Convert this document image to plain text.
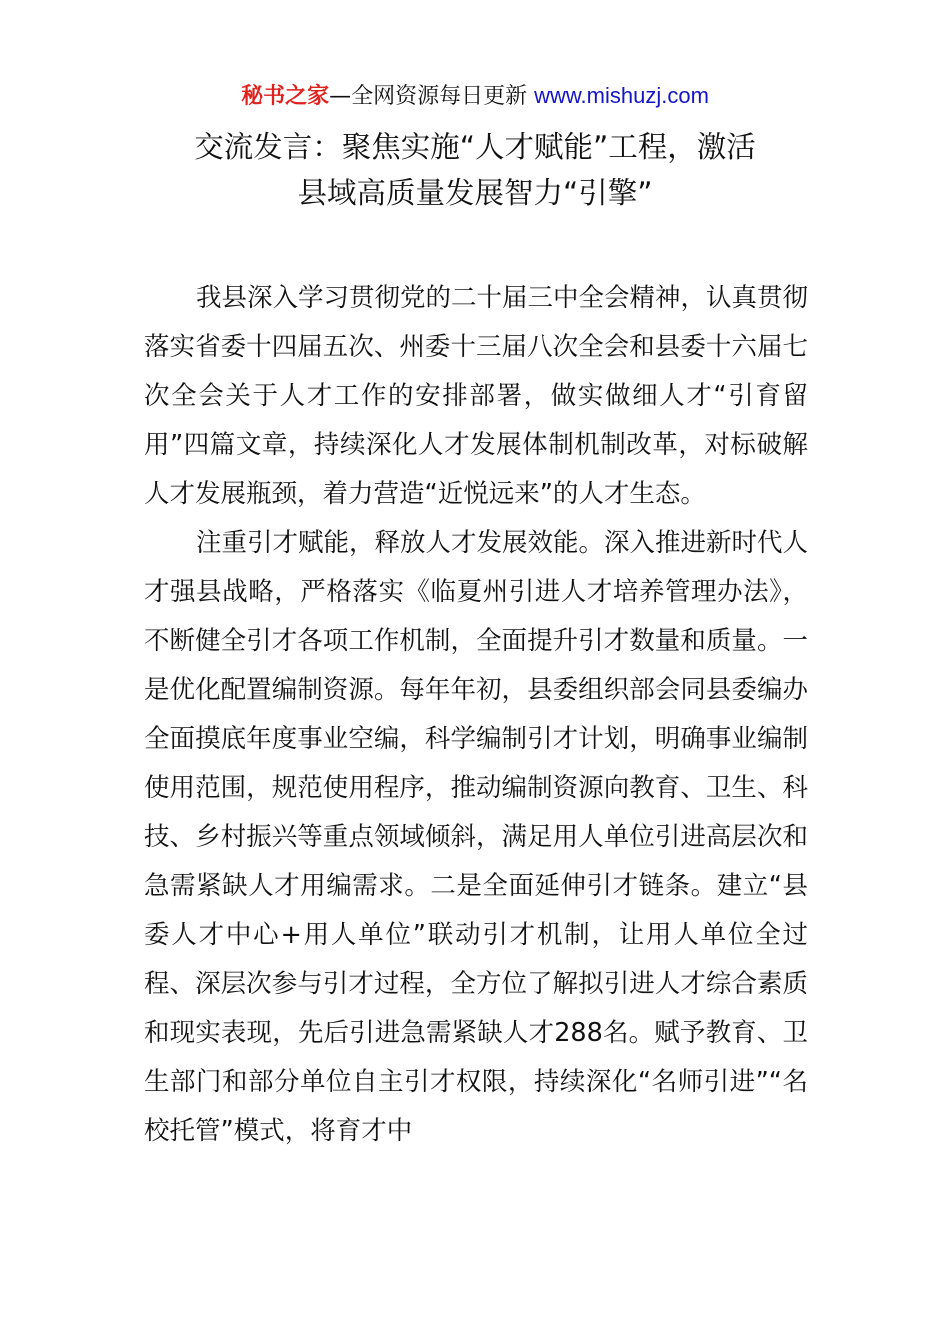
秘书之家—全网资源每日更新 www.mishuzj.com
交流发言：聚焦实施“人才赋能”工程，激活
县域高质量发展智力“引擎”

我县深入学习贯彻党的二十届三中全会精神，认真贯彻落实省委十四届五次、州委十三届八次全会和县委十六届七次全会关于人才工作的安排部署，做实做细人才“引育留用”四篇文章，持续深化人才发展体制机制改革，对标破解人才发展瓶颈，着力营造“近悦远来”的人才生态。

注重引才赋能，释放人才发展效能。深入推进新时代人才强县战略，严格落实《临夏州引进人才培养管理办法》，不断健全引才各项工作机制，全面提升引才数量和质量。一是优化配置编制资源。每年年初，县委组织部会同县委编办全面摸底年度事业空编，科学编制引才计划，明确事业编制使用范围，规范使用程序，推动编制资源向教育、卫生、科技、乡村振兴等重点领域倾斜，满足用人单位引进高层次和急需紧缺人才用编需求。二是全面延伸引才链条。建立“县委人才中心+用人单位”联动引才机制，让用人单位全过程、深层次参与引才过程，全方位了解拟引进人才综合素质和现实表现，先后引进急需紧缺人才288名。赋予教育、卫生部门和部分单位自主引才权限，持续深化“名师引进”“名校托管”模式，将育才中
